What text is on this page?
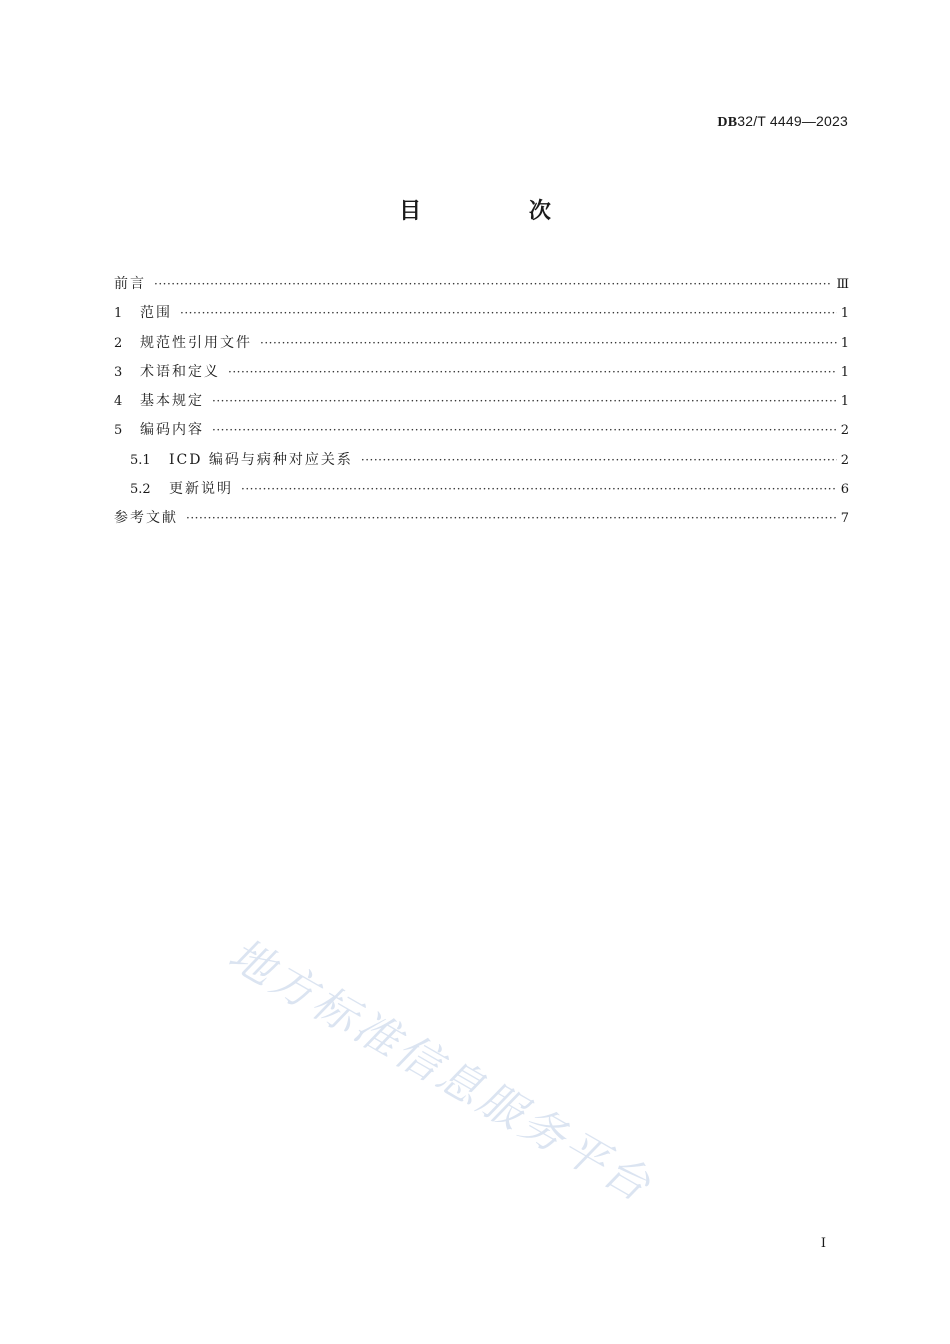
DB32/T 4449—2023
目 次
前言 ·····	Ⅲ
1	范围 ·····	1
2	规范性引用文件 ·····	1
3	术语和定义 ·····	1
4	基本规定 ·····	1
5	编码内容 ·····	2
5.1	ICD 编码与病种对应关系 ·····	2
5.2	更新说明 ·····	6
参考文献 ·····	7
地方标准信息服务平台
I
